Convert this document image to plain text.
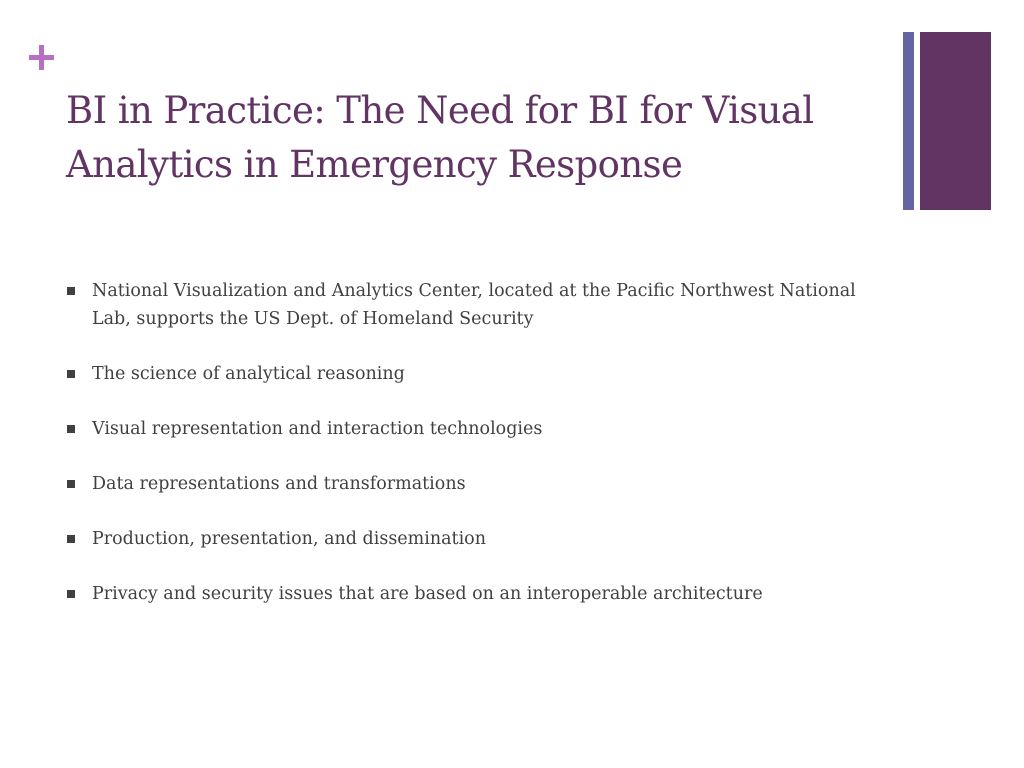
BI in Practice: The Need for BI for Visual Analytics in Emergency Response
National Visualization and Analytics Center, located at the Pacific Northwest National Lab, supports the US Dept. of Homeland Security
The science of analytical reasoning
Visual representation and interaction technologies
Data representations and transformations
Production, presentation, and dissemination
Privacy and security issues that are based on an interoperable architecture
